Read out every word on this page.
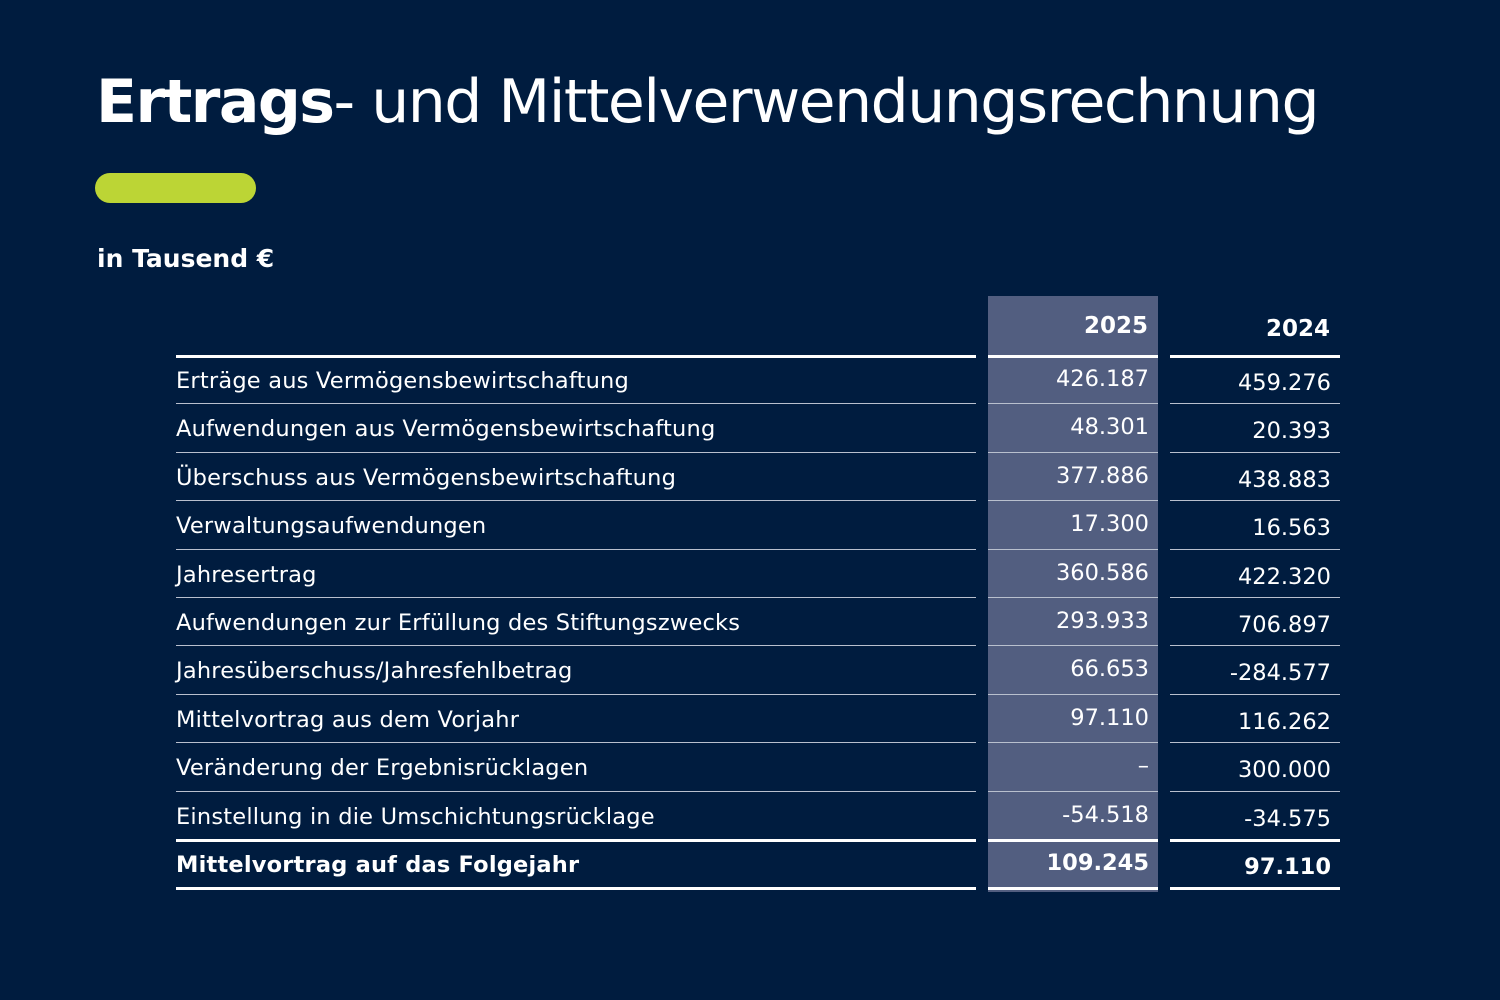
Ertrags- und Mittelverwendungsrechnung
in Tausend €
2025	2024
Erträge aus Vermögensbewirtschaftung	426.187	459.276
Aufwendungen aus Vermögensbewirtschaftung	48.301	20.393
Überschuss aus Vermögensbewirtschaftung	377.886	438.883
Verwaltungsaufwendungen	17.300	16.563
Jahresertrag	360.586	422.320
Aufwendungen zur Erfüllung des Stiftungszwecks	293.933	706.897
Jahresüberschuss/Jahresfehlbetrag	66.653	-284.577
Mittelvortrag aus dem Vorjahr	97.110	116.262
Veränderung der Ergebnisrücklagen	–	300.000
Einstellung in die Umschichtungsrücklage	-54.518	-34.575
Mittelvortrag auf das Folgejahr	109.245	97.110
